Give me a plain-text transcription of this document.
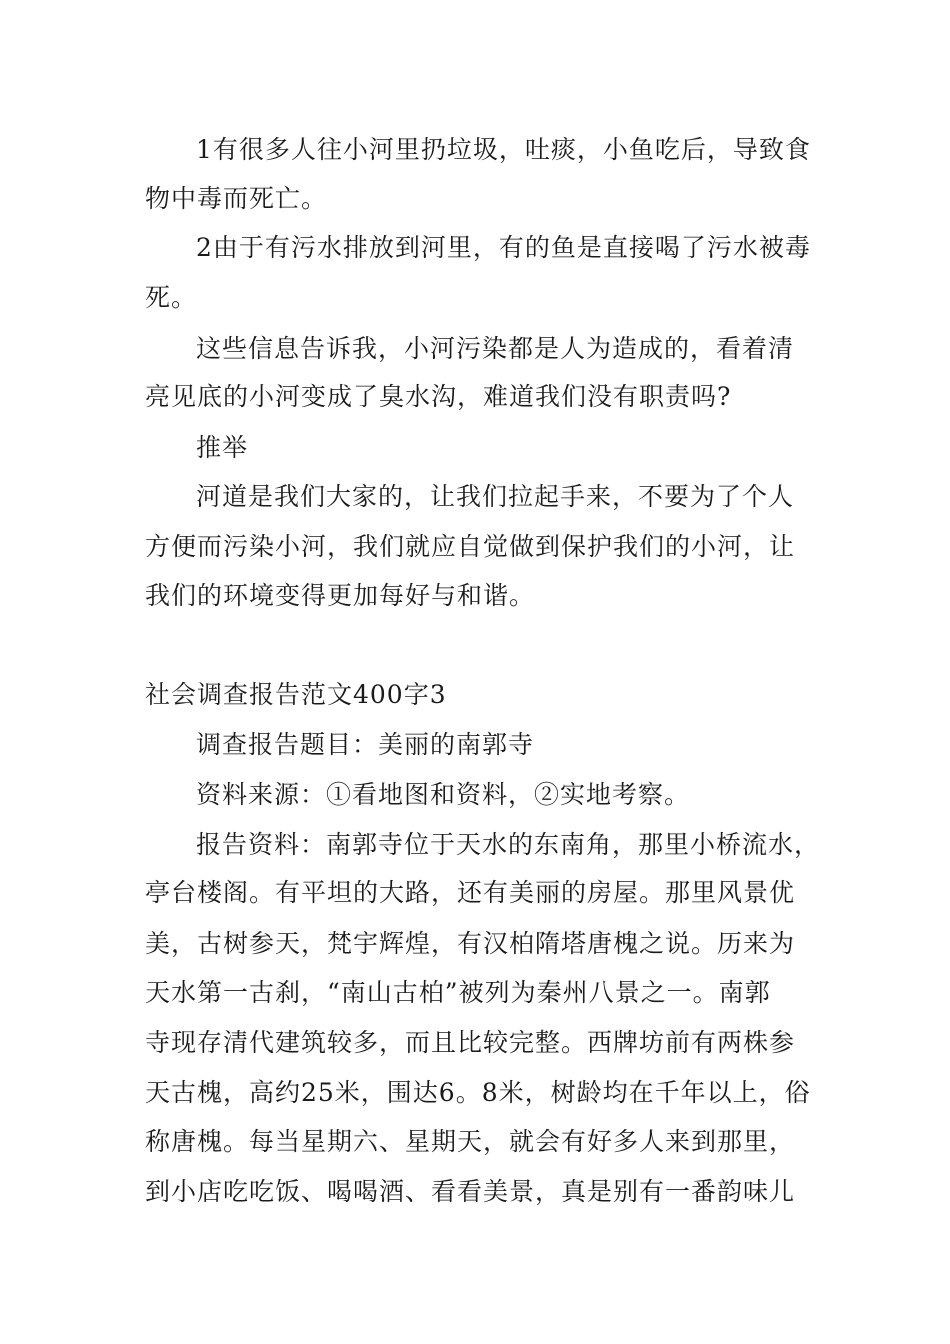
1有很多人往小河里扔垃圾，吐痰，小鱼吃后，导致食
物中毒而死亡。
2由于有污水排放到河里，有的鱼是直接喝了污水被毒
死。
这些信息告诉我，小河污染都是人为造成的，看着清
亮见底的小河变成了臭水沟，难道我们没有职责吗?
推举
河道是我们大家的，让我们拉起手来，不要为了个人
方便而污染小河，我们就应自觉做到保护我们的小河，让
我们的环境变得更加每好与和谐。
社会调查报告范文400字3
调查报告题目：美丽的南郭寺
资料来源：①看地图和资料，②实地考察。
报告资料：南郭寺位于天水的东南角，那里小桥流水，
亭台楼阁。有平坦的大路，还有美丽的房屋。那里风景优
美，古树参天，梵宇辉煌，有汉柏隋塔唐槐之说。历来为
天水第一古刹，“南山古柏”被列为秦州八景之一。南郭
寺现存清代建筑较多，而且比较完整。西牌坊前有两株参
天古槐，高约25米，围达6。8米，树龄均在千年以上，俗
称唐槐。每当星期六、星期天，就会有好多人来到那里，
到小店吃吃饭、喝喝酒、看看美景，真是别有一番韵味儿
